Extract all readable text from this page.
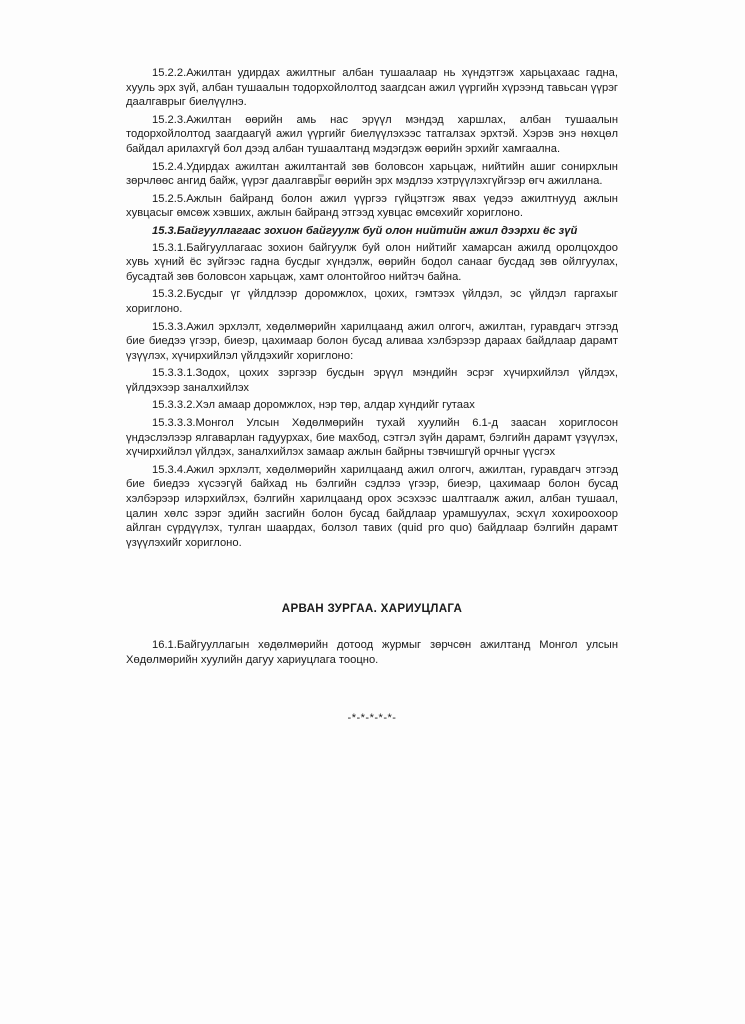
15.2.2.Ажилтан удирдах ажилтныг албан тушаалаар нь хүндэтгэж харьцахаас гадна, хууль эрх зүй, албан тушаалын тодорхойлолтод заагдсан ажил үүргийн хүрээнд тавьсан үүрэг даалгаврыг биелүүлнэ.

15.2.3.Ажилтан өөрийн амь нас эрүүл мэндэд харшлах, албан тушаалын тодорхойлолтод заагдаагүй ажил үүргийг биелүүлэхээс татгалзах эрхтэй. Хэрэв энэ нөхцөл байдал арилахгүй бол дээд албан тушаалтанд мэдэгдэж өөрийн эрхийг хамгаална.

15.2.4.Удирдах ажилтан ажилтантай зөв боловсон харьцаж, нийтийн ашиг сонирхлын зөрчлөөс ангид байж, үүрэг даалгаврыг өөрийн эрх мэдлээ хэтрүүлэхгүйгээр өгч ажиллана.

15.2.5.Ажлын байранд болон ажил үүргээ гүйцэтгэж явах үедээ ажилтнууд ажлын хувцасыг өмсөж хэвших, ажлын байранд этгээд хувцас өмсөхийг хориглоно.

15.3.Байгууллагаас зохион байгуулж буй олон нийтийн ажил дээрхи ёс зүй

15.3.1.Байгууллагаас зохион байгуулж буй олон нийтийг хамарсан ажилд оролцохдоо хувь хүний ёс зүйгээс гадна бусдыг хүндэлж, өөрийн бодол санааг бусдад зөв ойлгуулах, бусадтай зөв боловсон харьцаж, хамт олонтойгоо нийтэч байна.

15.3.2.Бусдыг үг үйлдлээр доромжлох, цохих, гэмтээх үйлдэл, эс үйлдэл гаргахыг хориглоно.

15.3.3.Ажил эрхлэлт, хөдөлмөрийн харилцаанд ажил олгогч, ажилтан, гуравдагч этгээд бие биедээ үгээр, биеэр, цахимаар болон бусад аливаа хэлбэрээр дараах байдлаар дарамт үзүүлэх, хүчирхийлэл үйлдэхийг хориглоно:

15.3.3.1.Зодох, цохих зэргээр бусдын эрүүл мэндийн эсрэг хүчирхийлэл үйлдэх, үйлдэхээр заналхийлэх

15.3.3.2.Хэл амаар доромжлох, нэр төр, алдар хүндийг гутаах

15.3.3.3.Монгол Улсын Хөдөлмөрийн тухай хуулийн 6.1-д заасан хориглосон үндэслэлээр ялгаварлан гадуурхах, бие махбод, сэтгэл зүйн дарамт, бэлгийн дарамт үзүүлэх, хүчирхийлэл үйлдэх, заналхийлэх замаар ажлын байрны тэвчишгүй орчныг үүсгэх

15.3.4.Ажил эрхлэлт, хөдөлмөрийн харилцаанд ажил олгогч, ажилтан, гуравдагч этгээд бие биедээ хүсээгүй байхад нь бэлгийн сэдлээ үгээр, биеэр, цахимаар болон бусад хэлбэрээр илэрхийлэх, бэлгийн харилцаанд орох эсэхээс шалтгаалж ажил, албан тушаал, цалин хөлс зэрэг эдийн засгийн болон бусад байдлаар урамшуулах, эсхүл хохироохоор айлган сүрдүүлэх, тулган шаардах, болзол тавих (quid pro quo) байдлаар бэлгийн дарамт үзүүлэхийг хориглоно.

АРВАН ЗУРГАА. ХАРИУЦЛАГА

16.1.Байгууллагын хөдөлмөрийн дотоод журмыг зөрчсөн ажилтанд Монгол улсын Хөдөлмөрийн хуулийн дагуу хариуцлага тооцно.

-*-*-*-*-*-
